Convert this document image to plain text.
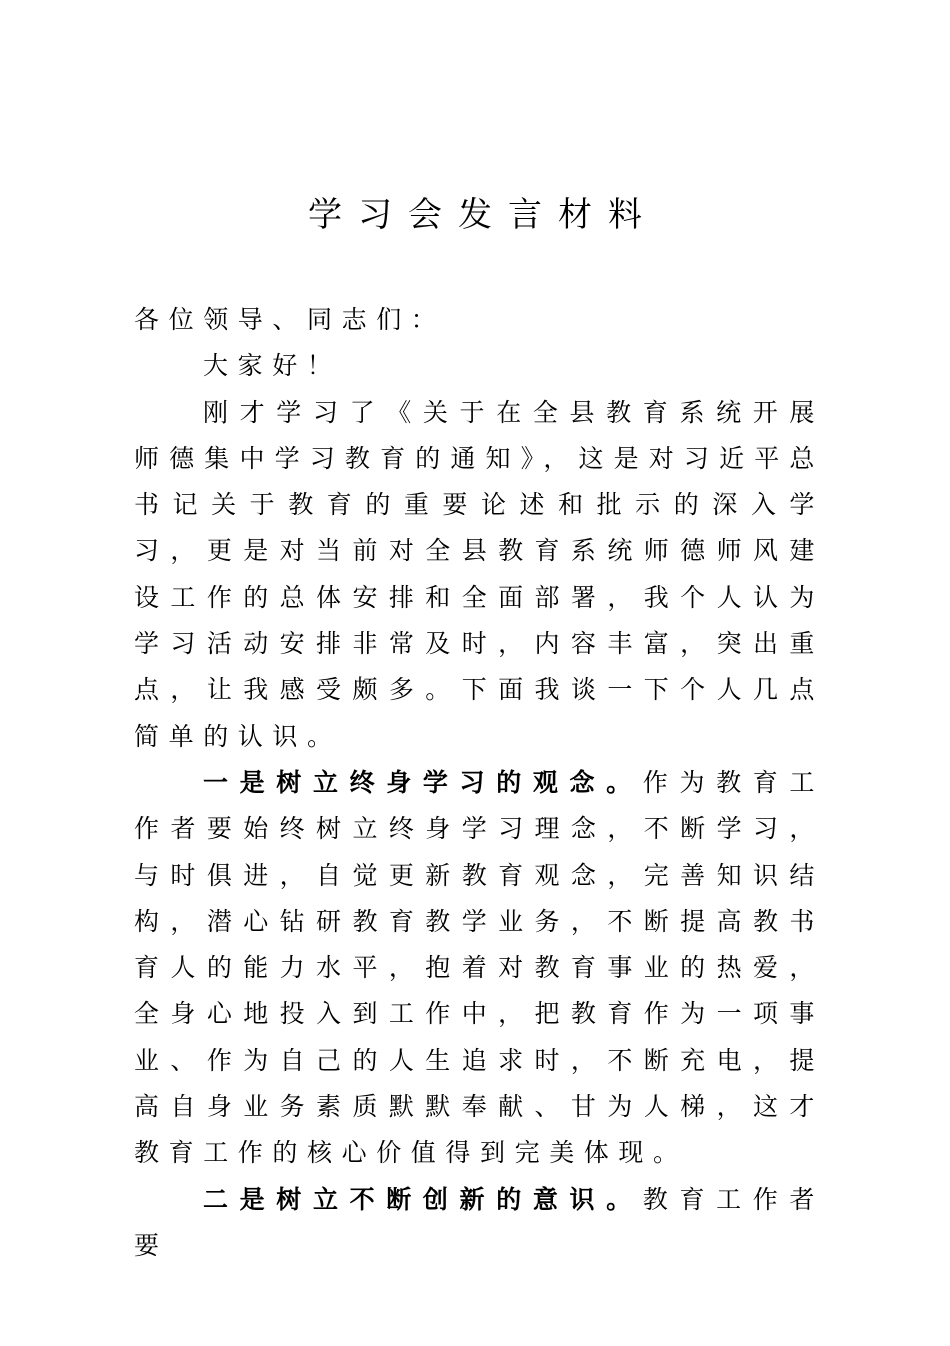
学习会发言材料

各位领导、同志们：

大家好！

刚才学习了《关于在全县教育系统开展师德集中学习教育的通知》，这是对习近平总书记关于教育的重要论述和批示的深入学习，更是对当前对全县教育系统师德师风建设工作的总体安排和全面部署，我个人认为学习活动安排非常及时，内容丰富，突出重点，让我感受颇多。下面我谈一下个人几点简单的认识。

一是树立终身学习的观念。作为教育工作者要始终树立终身学习理念，不断学习，与时俱进，自觉更新教育观念，完善知识结构，潜心钻研教育教学业务，不断提高教书育人的能力水平，抱着对教育事业的热爱，全身心地投入到工作中，把教育作为一项事业、作为自己的人生追求时，不断充电，提高自身业务素质默默奉献、甘为人梯，这才教育工作的核心价值得到完美体现。

二是树立不断创新的意识。教育工作者要
